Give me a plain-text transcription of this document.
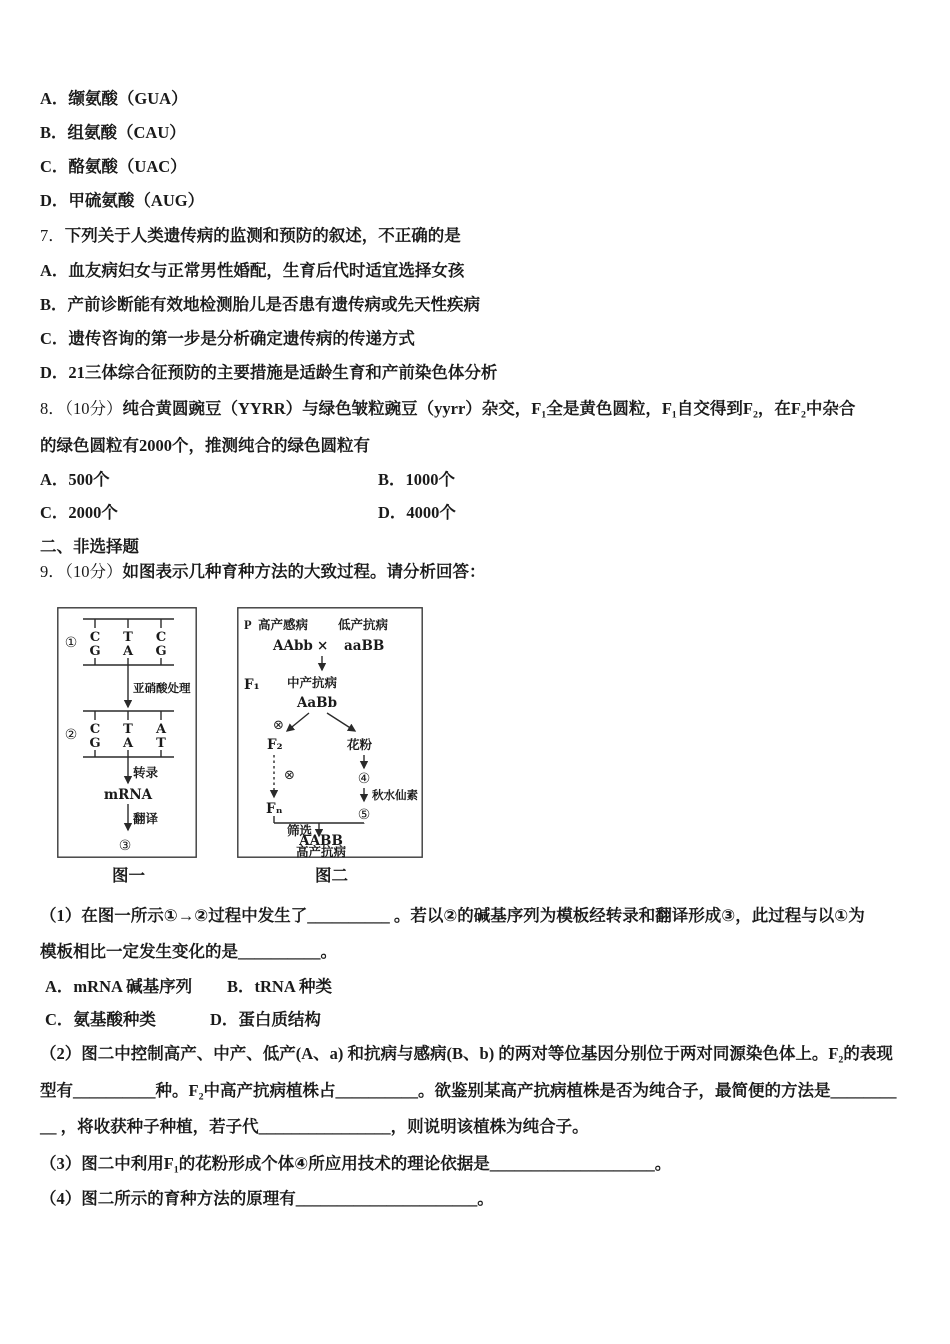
A．缬氨酸（GUA）
B．组氨酸（CAU）
C．酪氨酸（UAC）
D．甲硫氨酸（AUG）
7．下列关于人类遗传病的监测和预防的叙述，不正确的是
A．血友病妇女与正常男性婚配，生育后代时适宜选择女孩
B．产前诊断能有效地检测胎儿是否患有遗传病或先天性疾病
C．遗传咨询的第一步是分析确定遗传病的传递方式
D．21三体综合征预防的主要措施是适龄生育和产前染色体分析
8．（10分）纯合黄圆豌豆（YYRR）与绿色皱粒豌豆（yyrr）杂交，F₁全是黄色圆粒，F₁自交得到F₂，在F₂中杂合
的绿色圆粒有2000个，推测纯合的绿色圆粒有
A．500个	B．1000个
C．2000个	D．4000个
二、非选择题
9．（10分）如图表示几种育种方法的大致过程。请分析回答：
C T C
G A G
①
亚硝酸处理
C T A
G A T
②
转录
mRNA
翻译
③
P 高产感病 低产抗病
AAbb × aaBB
F₁ 中产抗病
AaBb
⊗
F₂	花粉
⊗
Fₙ
④
秋水仙素
⑤
筛选
AABB
高产抗病
图一	图二
（1）在图一所示①→②过程中发生了__________ 。若以②的碱基序列为模板经转录和翻译形成③，此过程与以①为
模板相比一定发生变化的是__________。
A．mRNA 碱基序列 B．tRNA 种类
C．氨基酸种类	D．蛋白质结构
（2）图二中控制高产、中产、低产(A、a) 和抗病与感病(B、b) 的两对等位基因分别位于两对同源染色体上。F₂的表现
型有__________种。F₂中高产抗病植株占__________。欲鉴别某高产抗病植株是否为纯合子，最简便的方法是________
__ ，将收获种子种植，若子代________________，则说明该植株为纯合子。
（3）图二中利用F₁的花粉形成个体④所应用技术的理论依据是____________________。
（4）图二所示的育种方法的原理有______________________。
